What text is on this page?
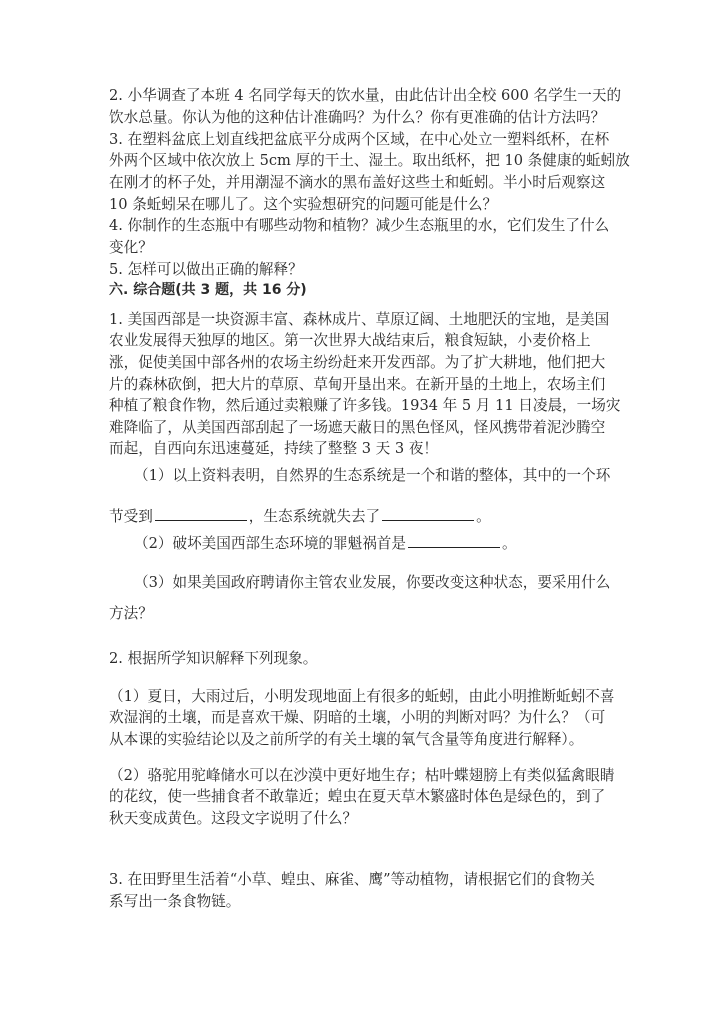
2. 小华调查了本班 4 名同学每天的饮水量，由此估计出全校 600 名学生一天的
饮水总量。你认为他的这种估计准确吗？为什么？你有更准确的估计方法吗？
3. 在塑料盆底上划直线把盆底平分成两个区域，在中心处立一塑料纸杯，在杯
外两个区域中依次放上 5cm 厚的干土、湿土。取出纸杯，把 10 条健康的蚯蚓放
在刚才的杯子处，并用潮湿不滴水的黑布盖好这些土和蚯蚓。半小时后观察这
10 条蚯蚓呆在哪儿了。这个实验想研究的问题可能是什么？
4. 你制作的生态瓶中有哪些动物和植物？减少生态瓶里的水，它们发生了什么
变化？
5. 怎样可以做出正确的解释？
六. 综合题(共 3 题，共 16 分)
1. 美国西部是一块资源丰富、森林成片、草原辽阔、土地肥沃的宝地，是美国
农业发展得天独厚的地区。第一次世界大战结束后，粮食短缺，小麦价格上
涨，促使美国中部各州的农场主纷纷赶来开发西部。为了扩大耕地，他们把大
片的森林砍倒，把大片的草原、草甸开垦出来。在新开垦的土地上，农场主们
种植了粮食作物，然后通过卖粮赚了许多钱。1934 年 5 月 11 日凌晨，一场灾
难降临了，从美国西部刮起了一场遮天蔽日的黑色怪风，怪风携带着泥沙腾空
而起，自西向东迅速蔓延，持续了整整 3 天 3 夜！
（1）以上资料表明，自然界的生态系统是一个和谐的整体，其中的一个环
节受到	，生态系统就失去了	。
（2）破坏美国西部生态环境的罪魁祸首是	。
（3）如果美国政府聘请你主管农业发展，你要改变这种状态，要采用什么
方法？
2. 根据所学知识解释下列现象。
（1）夏日，大雨过后，小明发现地面上有很多的蚯蚓，由此小明推断蚯蚓不喜
欢湿润的土壤，而是喜欢干燥、阴暗的土壤，小明的判断对吗？为什么？（可
从本课的实验结论以及之前所学的有关土壤的氧气含量等角度进行解释）。
（2）骆驼用驼峰储水可以在沙漠中更好地生存；枯叶蝶翅膀上有类似猛禽眼睛
的花纹，使一些捕食者不敢靠近；蝗虫在夏天草木繁盛时体色是绿色的，到了
秋天变成黄色。这段文字说明了什么？
3. 在田野里生活着“小草、蝗虫、麻雀、鹰”等动植物，请根据它们的食物关
系写出一条食物链。
